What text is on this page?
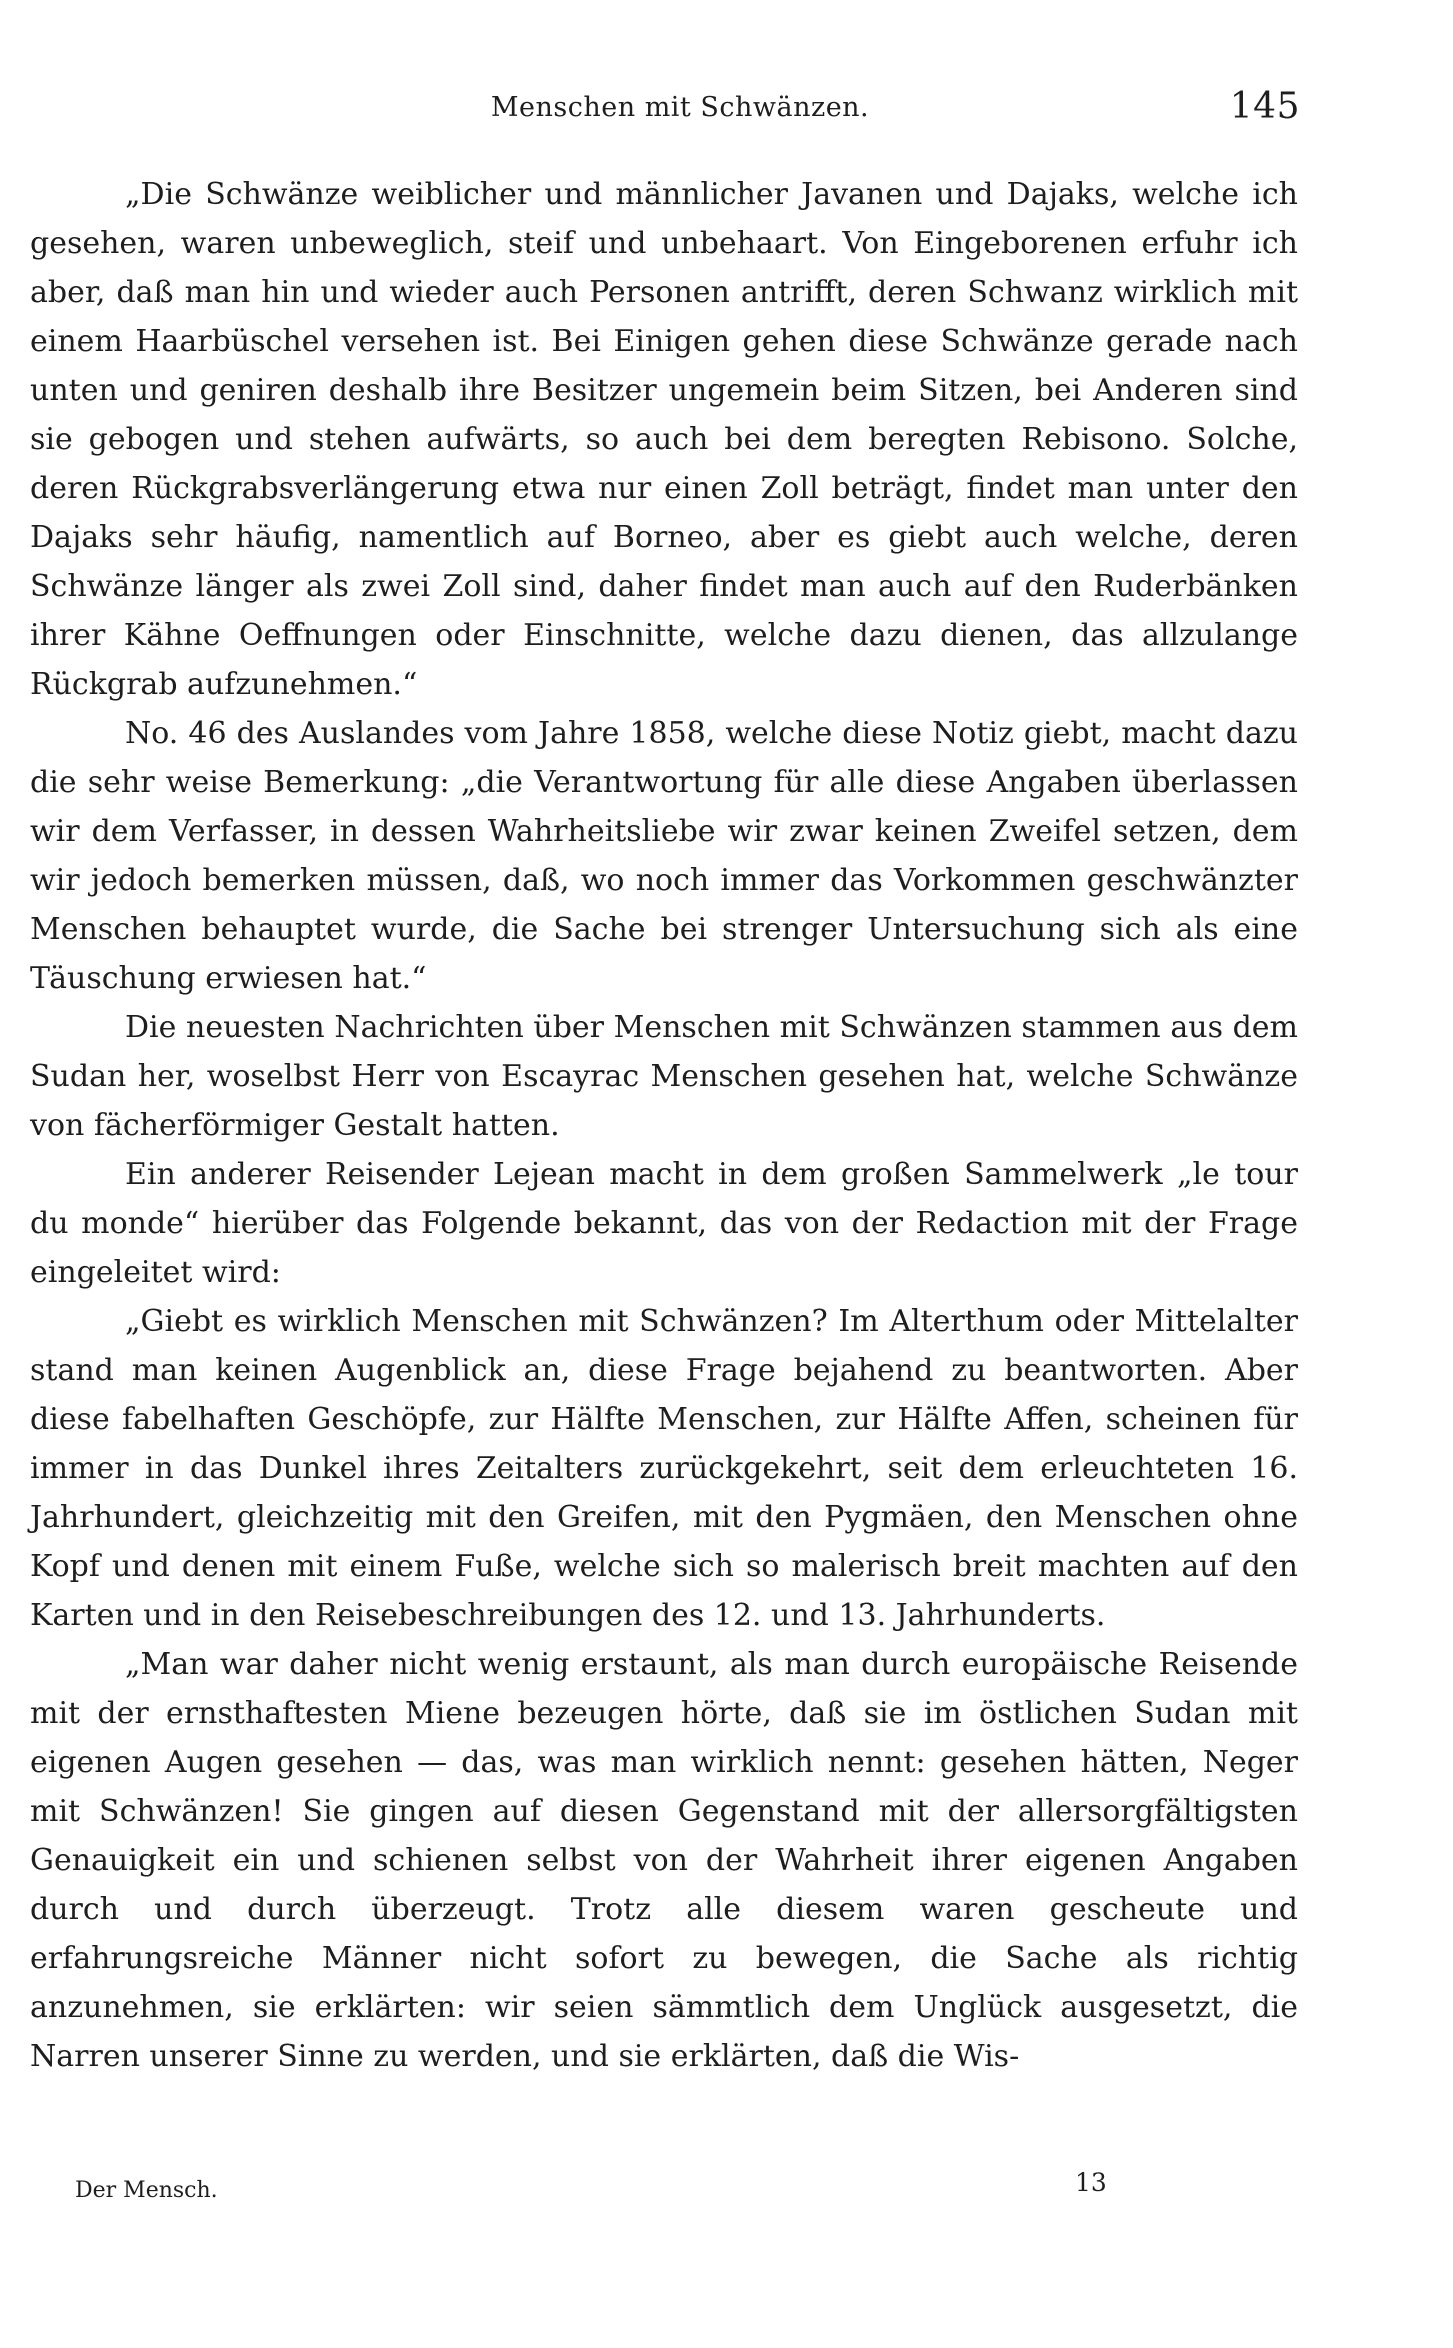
Menschen mit Schwänzen.	145

„Die Schwänze weiblicher und männlicher Javanen und Dajaks, welche ich gesehen, waren unbeweglich, steif und unbehaart. Von Eingeborenen erfuhr ich aber, daß man hin und wieder auch Personen antrifft, deren Schwanz wirklich mit einem Haarbüschel versehen ist. Bei Einigen gehen diese Schwänze gerade nach unten und geniren deshalb ihre Besitzer ungemein beim Sitzen, bei Anderen sind sie gebogen und stehen aufwärts, so auch bei dem beregten Rebisono. Solche, deren Rückgrabsverlängerung etwa nur einen Zoll beträgt, findet man unter den Dajaks sehr häufig, namentlich auf Borneo, aber es giebt auch welche, deren Schwänze länger als zwei Zoll sind, daher findet man auch auf den Ruderbänken ihrer Kähne Oeffnungen oder Einschnitte, welche dazu dienen, das allzulange Rückgrab aufzunehmen.“

No. 46 des Auslandes vom Jahre 1858, welche diese Notiz giebt, macht dazu die sehr weise Bemerkung: „die Verantwortung für alle diese Angaben überlassen wir dem Verfasser, in dessen Wahrheitsliebe wir zwar keinen Zweifel setzen, dem wir jedoch bemerken müssen, daß, wo noch immer das Vorkommen geschwänzter Menschen behauptet wurde, die Sache bei strenger Untersuchung sich als eine Täuschung erwiesen hat.“

Die neuesten Nachrichten über Menschen mit Schwänzen stammen aus dem Sudan her, woselbst Herr von Escayrac Menschen gesehen hat, welche Schwänze von fächerförmiger Gestalt hatten.

Ein anderer Reisender Lejean macht in dem großen Sammelwerk „le tour du monde“ hierüber das Folgende bekannt, das von der Redaction mit der Frage eingeleitet wird:

„Giebt es wirklich Menschen mit Schwänzen? Im Alterthum oder Mittelalter stand man keinen Augenblick an, diese Frage bejahend zu beantworten. Aber diese fabelhaften Geschöpfe, zur Hälfte Menschen, zur Hälfte Affen, scheinen für immer in das Dunkel ihres Zeitalters zurückgekehrt, seit dem erleuchteten 16. Jahrhundert, gleichzeitig mit den Greifen, mit den Pygmäen, den Menschen ohne Kopf und denen mit einem Fuße, welche sich so malerisch breit machten auf den Karten und in den Reisebeschreibungen des 12. und 13. Jahrhunderts.

„Man war daher nicht wenig erstaunt, als man durch europäische Reisende mit der ernsthaftesten Miene bezeugen hörte, daß sie im östlichen Sudan mit eigenen Augen gesehen — das, was man wirklich nennt: gesehen hätten, Neger mit Schwänzen! Sie gingen auf diesen Gegenstand mit der allersorgfältigsten Genauigkeit ein und schienen selbst von der Wahrheit ihrer eigenen Angaben durch und durch überzeugt. Trotz alle diesem waren gescheute und erfahrungsreiche Männer nicht sofort zu bewegen, die Sache als richtig anzunehmen, sie erklärten: wir seien sämmtlich dem Unglück ausgesetzt, die Narren unserer Sinne zu werden, und sie erklärten, daß die Wis-

Der Mensch.	13
